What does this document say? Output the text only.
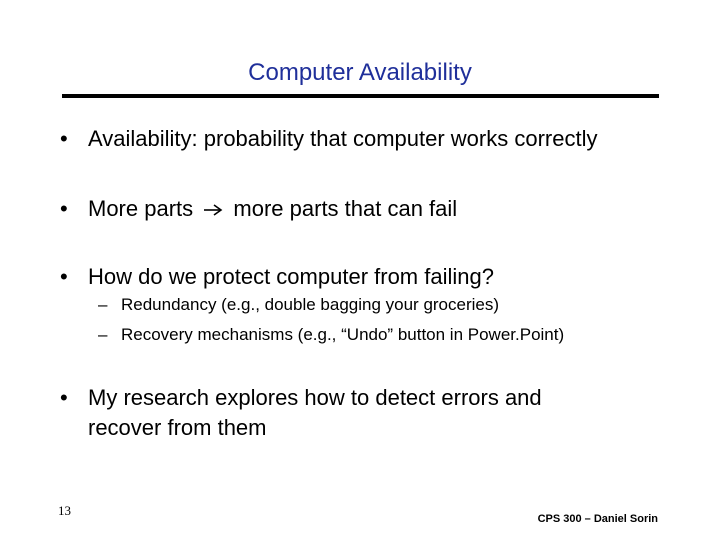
Computer Availability
• Availability: probability that computer works correctly
• More parts more parts that can fail
• How do we protect computer from failing?
– Redundancy (e.g., double bagging your groceries)
– Recovery mechanisms (e.g., “Undo” button in Power.Point)
• My research explores how to detect errors and
recover from them
13
CPS 300 – Daniel Sorin
